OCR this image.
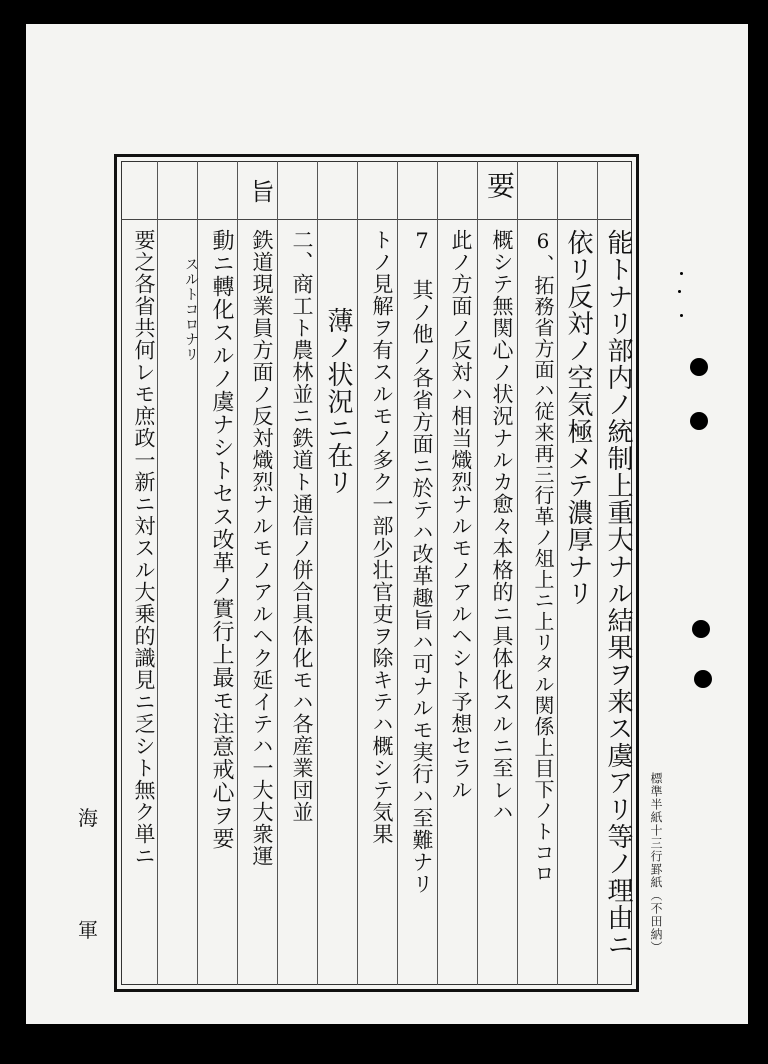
要
旨
能トナリ部内ノ統制上重大ナル結果ヲ来ス虞アリ等ノ理由ニ
依リ反対ノ空気極メテ濃厚ナリ
6、拓務省方面ハ従来再三行革ノ俎上ニ上リタル関係上目下ノトコロ
概シテ無関心ノ状況ナルカ愈々本格的ニ具体化スルニ至レハ
此ノ方面ノ反対ハ相当熾烈ナルモノアルヘシト予想セラル
7 其ノ他ノ各省方面ニ於テハ改革趣旨ハ可ナルモ実行ハ至難ナリ
トノ見解ヲ有スルモノ多ク一部少壮官吏ヲ除キテハ概シテ気果
薄ノ状況ニ在リ
二、商工ト農林並ニ鉄道ト通信ノ併合具体化モハ各産業団並
鉄道現業員方面ノ反対熾烈ナルモノアルヘク延イテハ一大大衆運
動ニ轉化スルノ虞ナシトセス改革ノ實行上最モ注意戒心ヲ要
スルトコロナリ
要之各省共何レモ庶政一新ニ対スル大乗的識見ニ乏シト無ク単ニ	標準半紙十三行罫紙（不田納）
海
軍
